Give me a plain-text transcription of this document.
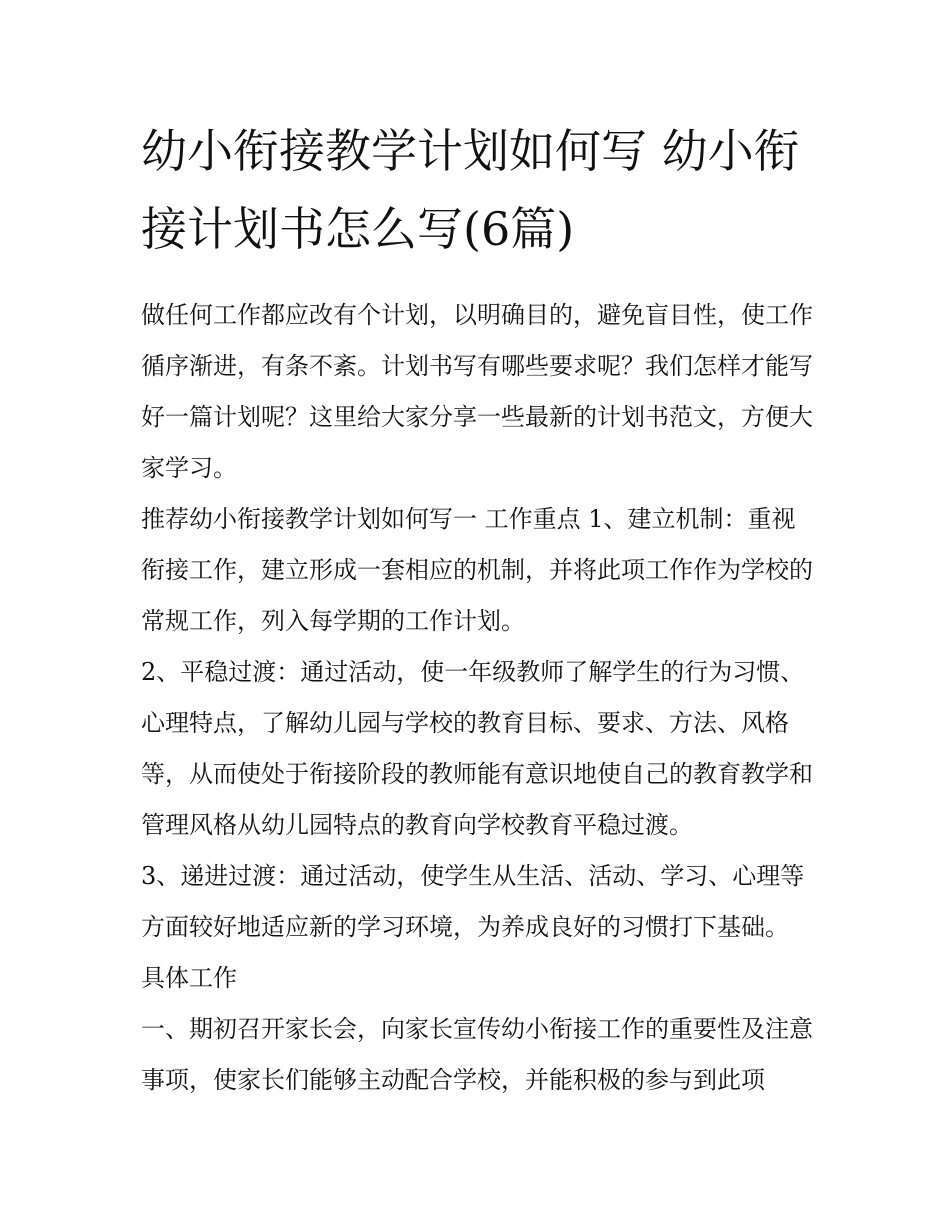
幼小衔接教学计划如何写 幼小衔接计划书怎么写(6篇)

做任何工作都应改有个计划，以明确目的，避免盲目性，使工作循序渐进，有条不紊。计划书写有哪些要求呢？我们怎样才能写好一篇计划呢？这里给大家分享一些最新的计划书范文，方便大家学习。

推荐幼小衔接教学计划如何写一 工作重点 1、建立机制：重视衔接工作，建立形成一套相应的机制，并将此项工作作为学校的常规工作，列入每学期的工作计划。

2、平稳过渡：通过活动，使一年级教师了解学生的行为习惯、心理特点，了解幼儿园与学校的教育目标、要求、方法、风格等，从而使处于衔接阶段的教师能有意识地使自己的教育教学和管理风格从幼儿园特点的教育向学校教育平稳过渡。

3、递进过渡：通过活动，使学生从生活、活动、学习、心理等方面较好地适应新的学习环境，为养成良好的习惯打下基础。 具体工作

一、期初召开家长会，向家长宣传幼小衔接工作的重要性及注意事项，使家长们能够主动配合学校，并能积极的参与到此项
